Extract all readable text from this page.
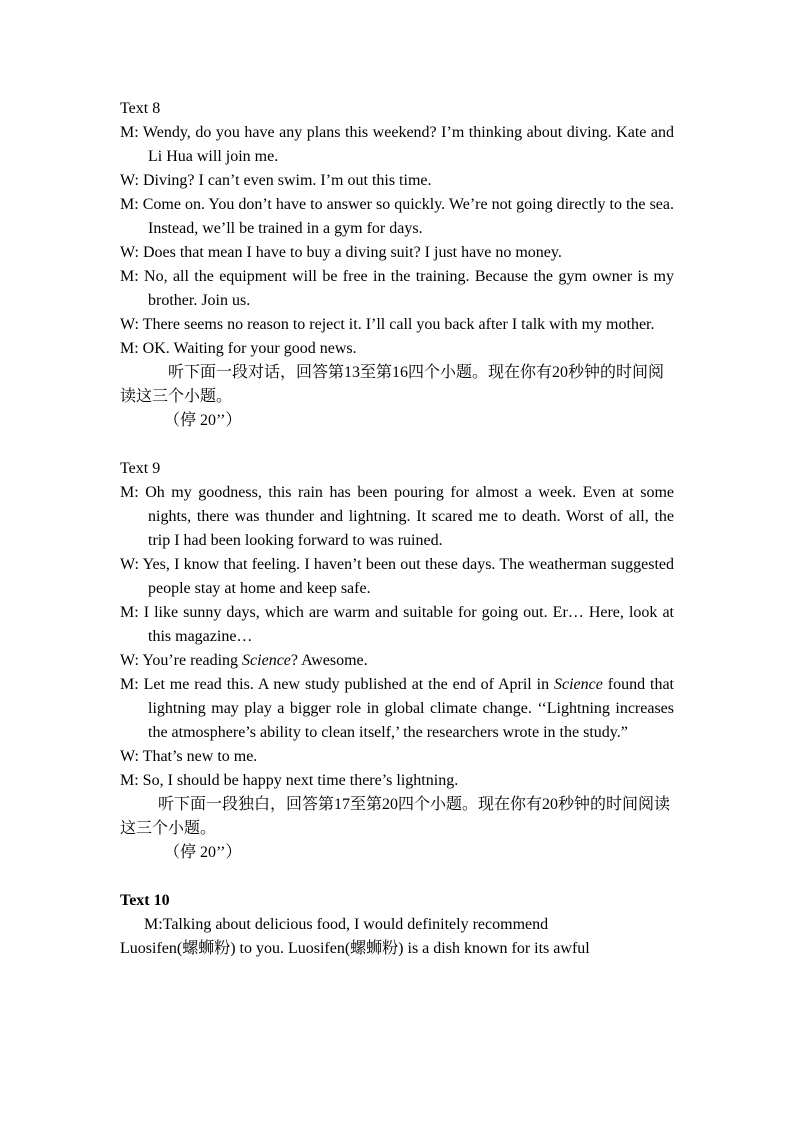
Text 8
M: Wendy, do you have any plans this weekend? I’m thinking about diving. Kate and Li Hua will join me.
W: Diving? I can’t even swim. I’m out this time.
M: Come on. You don’t have to answer so quickly. We’re not going directly to the sea. Instead, we’ll be trained in a gym for days.
W: Does that mean I have to buy a diving suit? I just have no money.
M: No, all the equipment will be free in the training. Because the gym owner is my brother. Join us.
W: There seems no reason to reject it. I’ll call you back after I talk with my mother.
M: OK. Waiting for your good news.
听下面一段对话，回答第13至第16四个小题。现在你有20秒钟的时间阅读这三个小题。
（停 20’’）
Text 9
M: Oh my goodness, this rain has been pouring for almost a week. Even at some nights, there was thunder and lightning. It scared me to death. Worst of all, the trip I had been looking forward to was ruined.
W: Yes, I know that feeling. I haven’t been out these days. The weatherman suggested people stay at home and keep safe.
M: I like sunny days, which are warm and suitable for going out. Er… Here, look at this magazine…
W: You’re reading Science? Awesome.
M: Let me read this. A new study published at the end of April in Science found that lightning may play a bigger role in global climate change. ‘‘Lightning increases the atmosphere’s ability to clean itself,’ the researchers wrote in the study.”
W: That’s new to me.
M: So, I should be happy next time there’s lightning.
听下面一段独白，回答第17至第20四个小题。现在你有20秒钟的时间阅读这三个小题。
（停 20’’）
Text 10
M:Talking about delicious food, I would definitely recommend
Luosifen(螺蛳粉) to you. Luosifen(螺蛳粉) is a dish known for its awful
